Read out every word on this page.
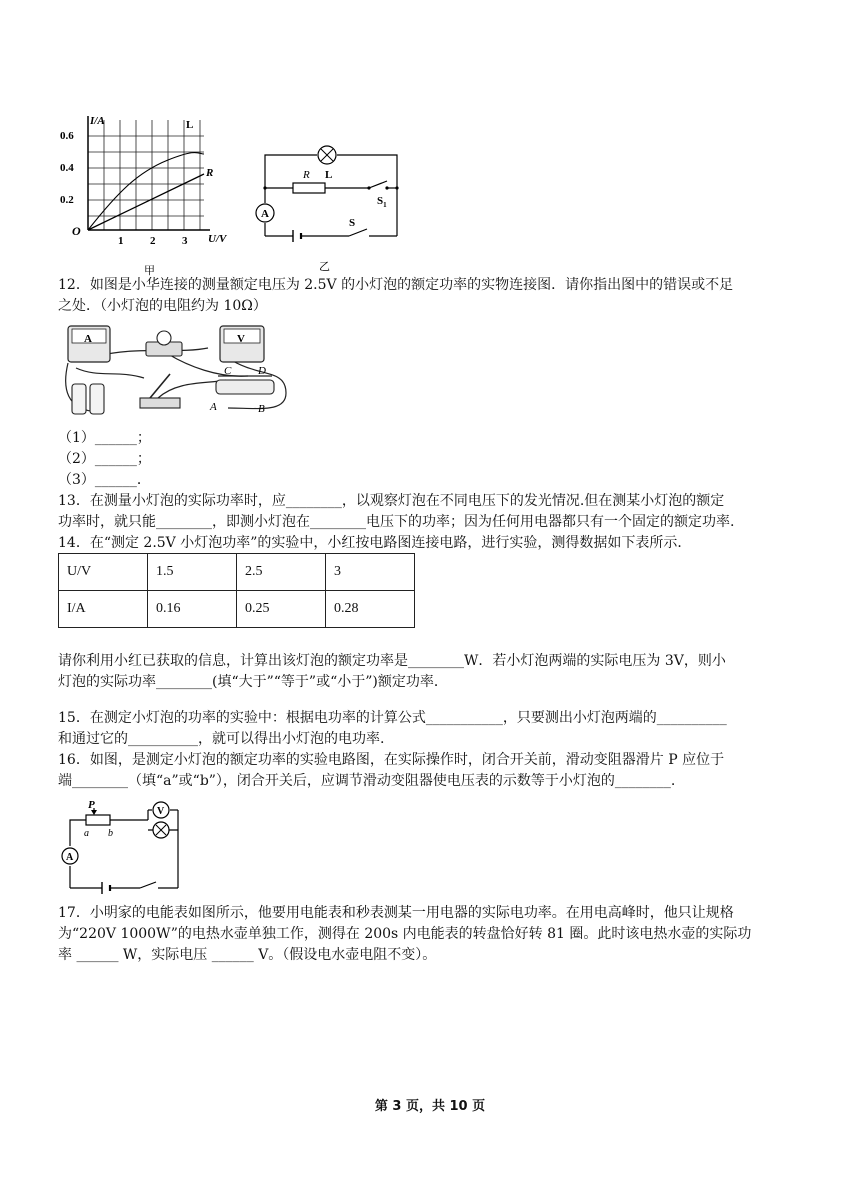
I/A
U/V
0.6
0.4
0.2
O
1 2 3
L
R
甲
A
L
R
$S_1$
S
乙
12．如图是小华连接的测量额定电压为 2.5V 的小灯泡的额定功率的实物连接图．请你指出图中的错误或不足
之处．（小灯泡的电阻约为 10Ω）
A	V
C D
A	B
（1）______；
（2）______；
（3）______．
13．在测量小灯泡的实际功率时，应________，以观察灯泡在不同电压下的发光情况.但在测某小灯泡的额定
功率时，就只能________，即测小灯泡在________电压下的功率；因为任何用电器都只有一个固定的额定功率.
14．在“测定 2.5V 小灯泡功率”的实验中，小红按电路图连接电路，进行实验，测得数据如下表所示．
U/V	1.5	2.5	3
I/A	0.16	0.25	0.28
请你利用小红已获取的信息，计算出该灯泡的额定功率是________W．若小灯泡两端的实际电压为 3V，则小
灯泡的实际功率________(填“大于”“等于”或“小于”)额定功率．
15．在测定小灯泡的功率的实验中：根据电功率的计算公式___________，只要测出小灯泡两端的__________
和通过它的__________，就可以得出小灯泡的电功率.
16．如图，是测定小灯泡的额定功率的实验电路图，在实际操作时，闭合开关前，滑动变阻器滑片 P 应位于
端________（填“a”或“b”），闭合开关后，应调节滑动变阻器使电压表的示数等于小灯泡的________.
V
A
P
a b
17．小明家的电能表如图所示，他要用电能表和秒表测某一用电器的实际电功率。在用电高峰时，他只让规格
为“220V 1000W”的电热水壶单独工作，测得在 200s 内电能表的转盘恰好转 81 圈。此时该电热水壶的实际功
率 ______ W，实际电压 ______ V。（假设电水壶电阻不变）。
第 3 页，共 10 页
